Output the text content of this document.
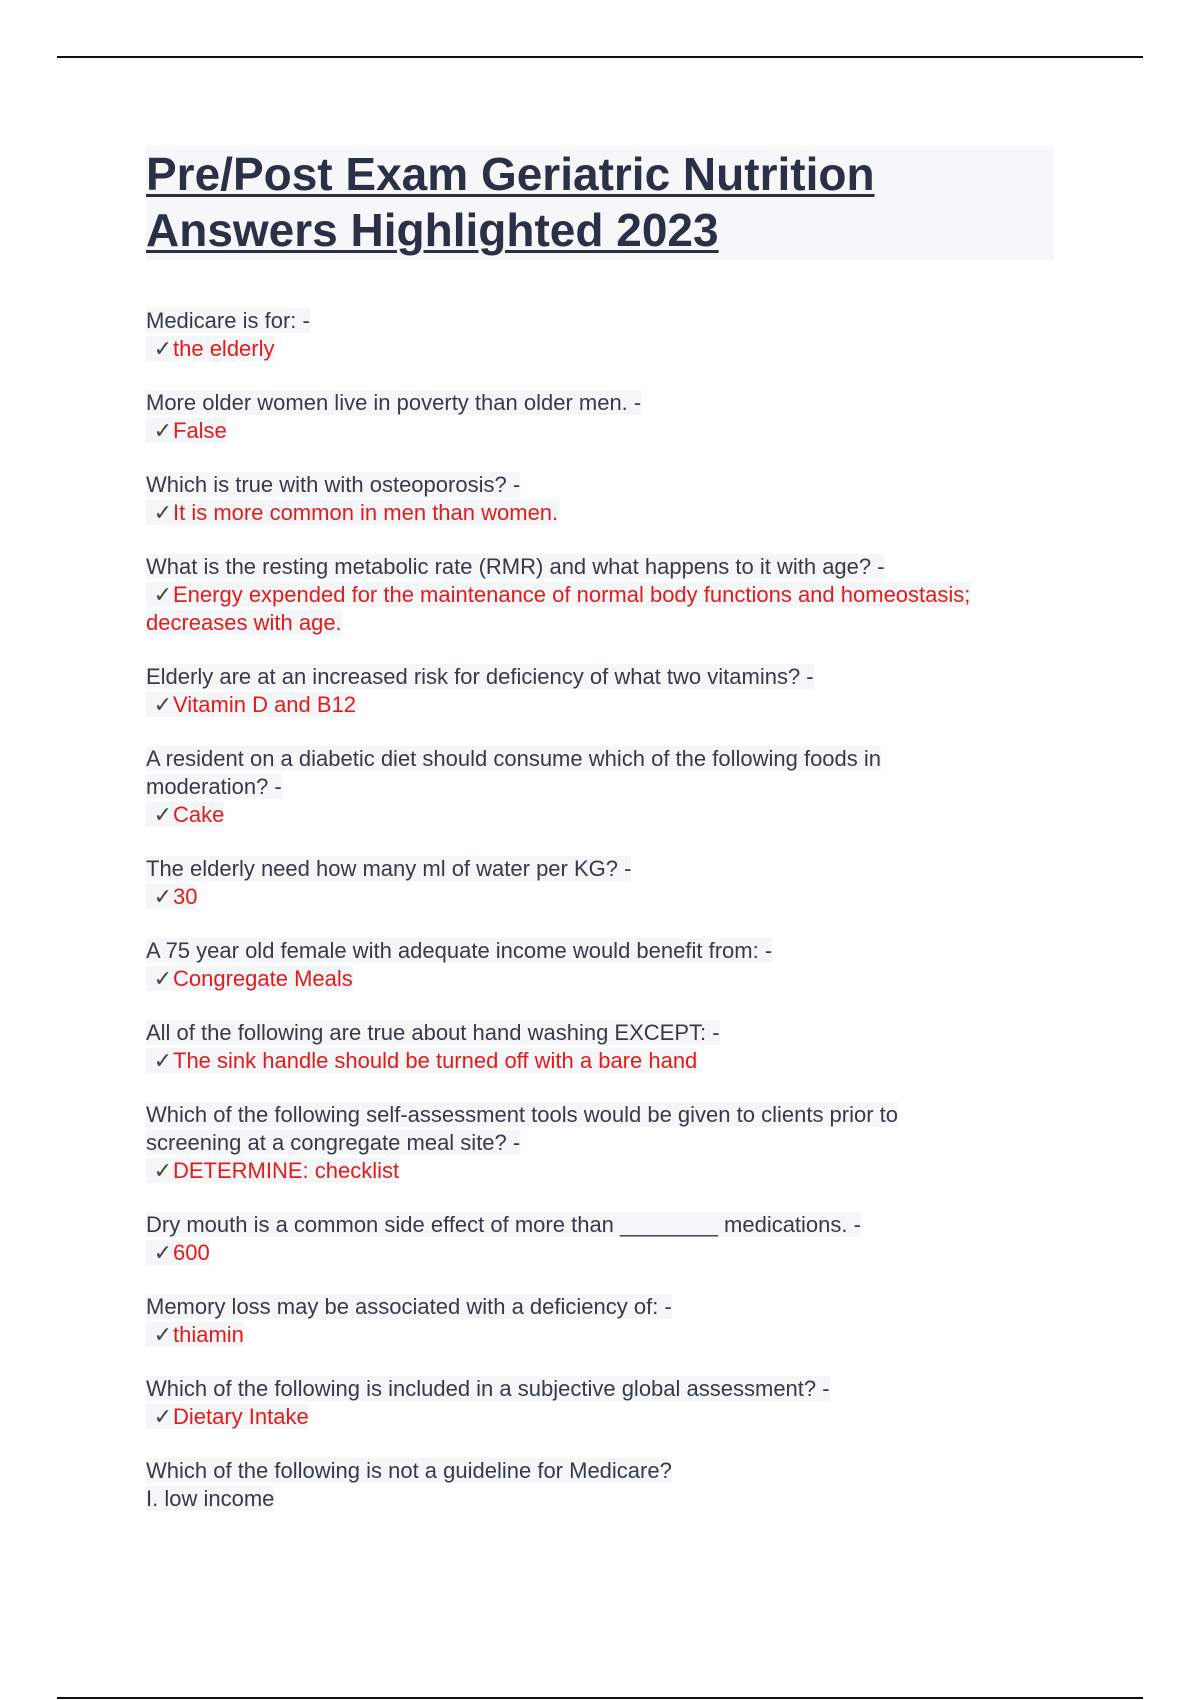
Pre/Post Exam Geriatric Nutrition Answers Highlighted 2023
Medicare is for: -
✓the elderly
More older women live in poverty than older men. -
✓False
Which is true with with osteoporosis? -
✓It is more common in men than women.
What is the resting metabolic rate (RMR) and what happens to it with age? -
✓Energy expended for the maintenance of normal body functions and homeostasis;
decreases with age.
Elderly are at an increased risk for deficiency of what two vitamins? -
✓Vitamin D and B12
A resident on a diabetic diet should consume which of the following foods in moderation? -
✓Cake
The elderly need how many ml of water per KG? -
✓30
A 75 year old female with adequate income would benefit from: -
✓Congregate Meals
All of the following are true about hand washing EXCEPT: -
✓The sink handle should be turned off with a bare hand
Which of the following self-assessment tools would be given to clients prior to screening at a congregate meal site? -
✓DETERMINE: checklist
Dry mouth is a common side effect of more than ________ medications. -
✓600
Memory loss may be associated with a deficiency of: -
✓thiamin
Which of the following is included in a subjective global assessment? -
✓Dietary Intake
Which of the following is not a guideline for Medicare?
I. low income
